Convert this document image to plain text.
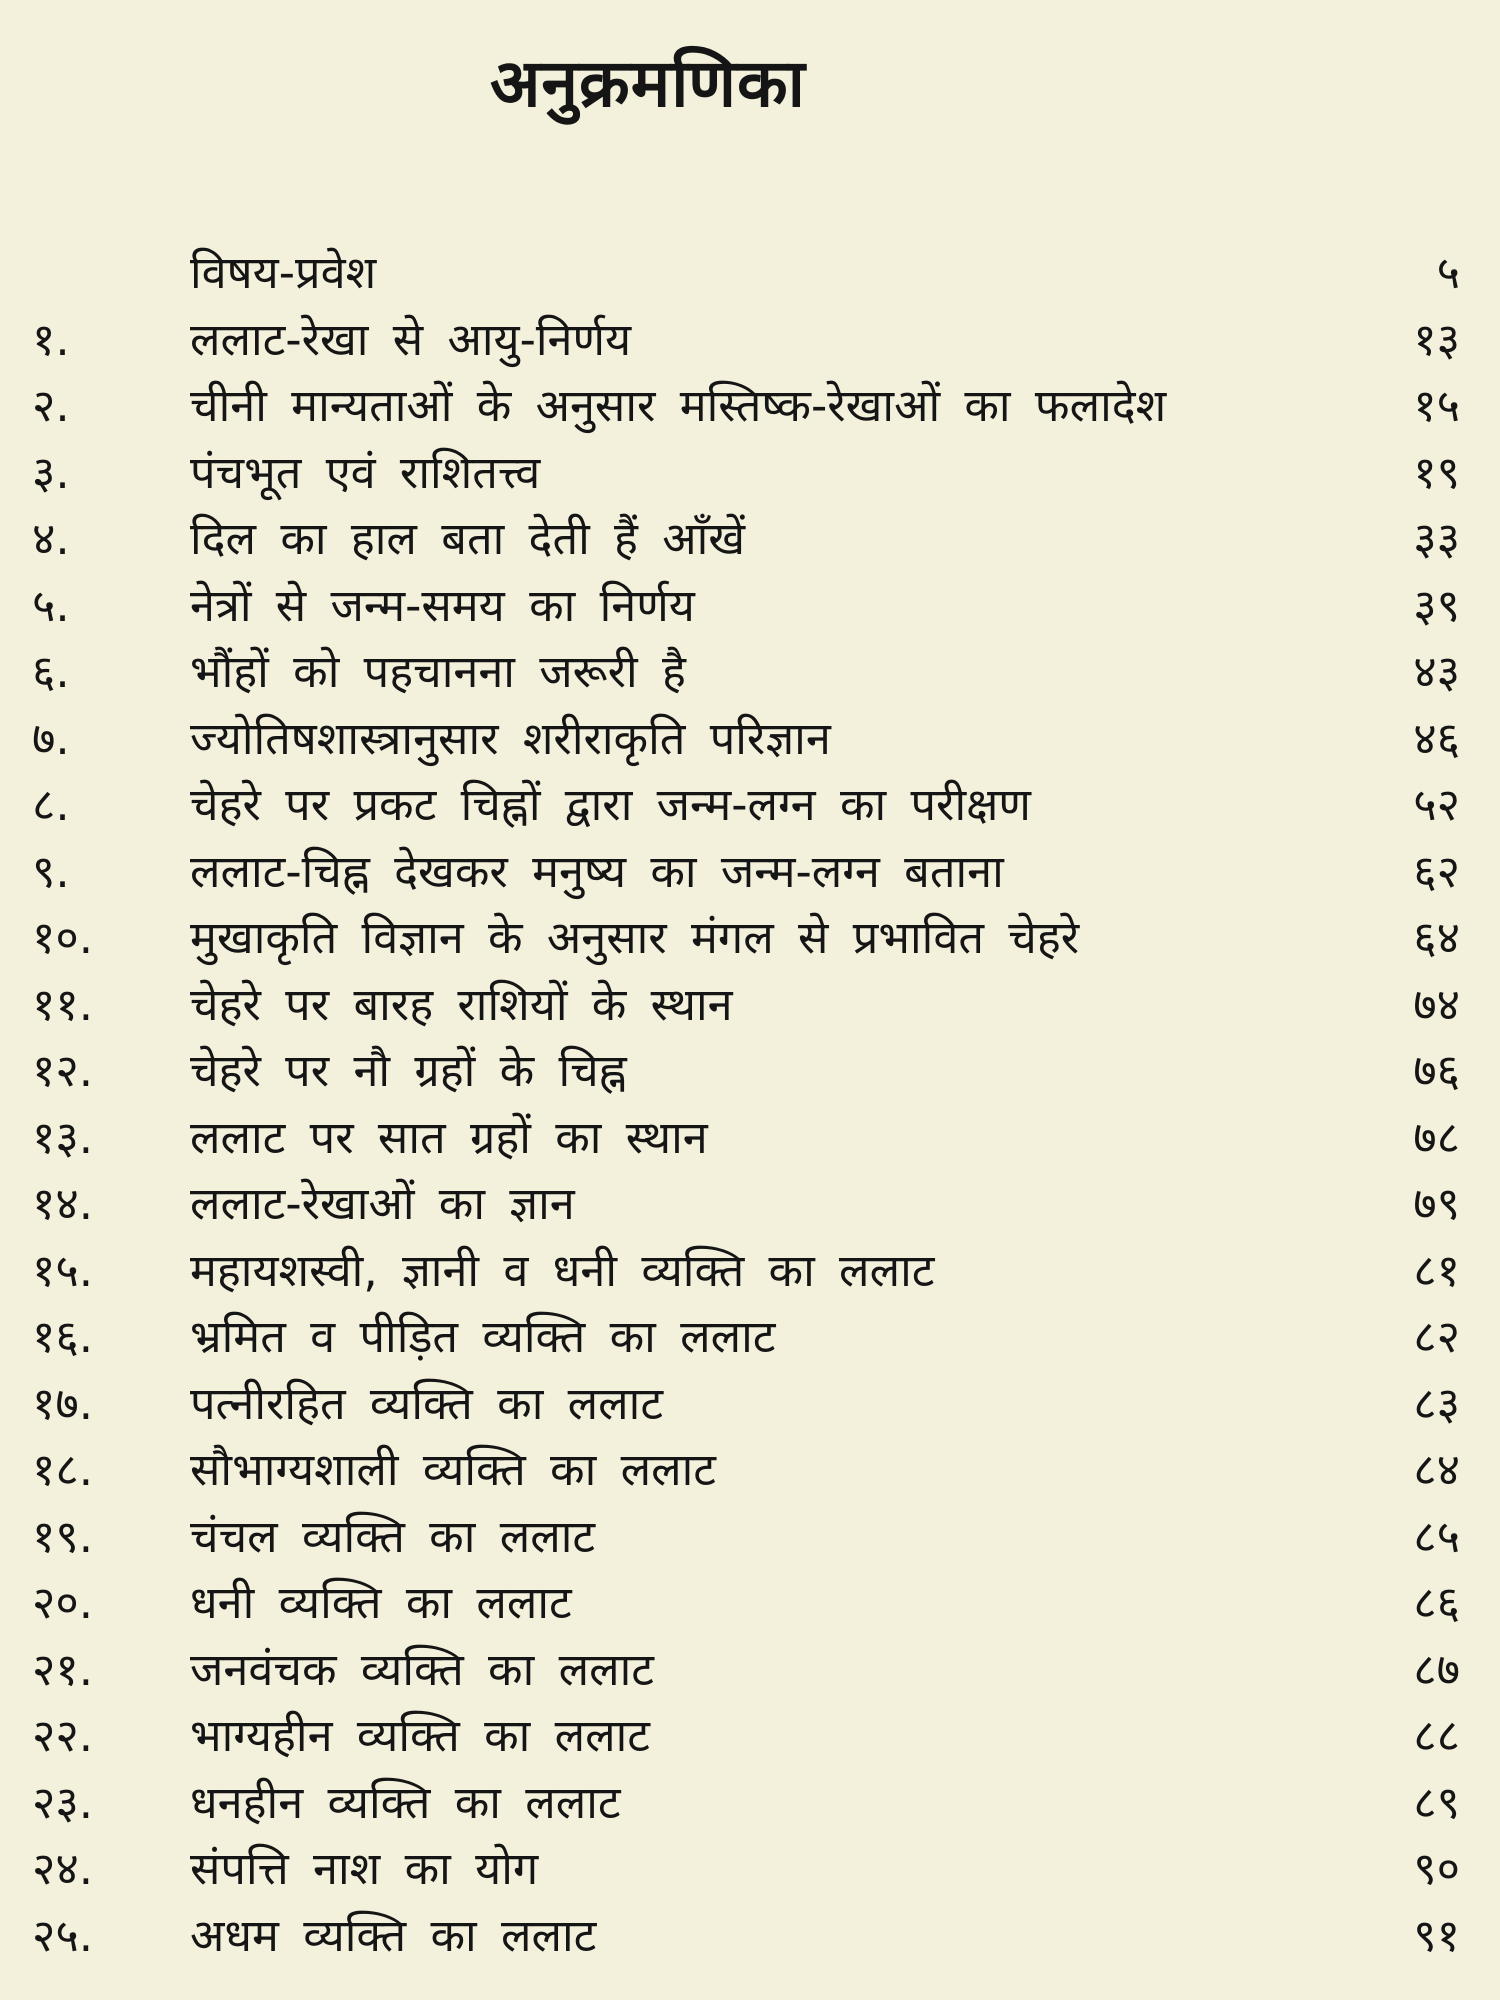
अनुक्रमणिका
विषय-प्रवेश	५
१.	ललाट-रेखा से आयु-निर्णय	१३
२.	चीनी मान्यताओं के अनुसार मस्तिष्क-रेखाओं का फलादेश	१५
३.	पंचभूत एवं राशितत्त्व	१९
४.	दिल का हाल बता देती हैं आँखें	३३
५.	नेत्रों से जन्म-समय का निर्णय	३९
६.	भौंहों को पहचानना जरूरी है	४३
७.	ज्योतिषशास्त्रानुसार शरीराकृति परिज्ञान	४६
८.	चेहरे पर प्रकट चिह्नों द्वारा जन्म-लग्न का परीक्षण	५२
९.	ललाट-चिह्न देखकर मनुष्य का जन्म-लग्न बताना	६२
१०.	मुखाकृति विज्ञान के अनुसार मंगल से प्रभावित चेहरे	६४
११.	चेहरे पर बारह राशियों के स्थान	७४
१२.	चेहरे पर नौ ग्रहों के चिह्न	७६
१३.	ललाट पर सात ग्रहों का स्थान	७८
१४.	ललाट-रेखाओं का ज्ञान	७९
१५.	महायशस्वी, ज्ञानी व धनी व्यक्ति का ललाट	८१
१६.	भ्रमित व पीड़ित व्यक्ति का ललाट	८२
१७.	पत्नीरहित व्यक्ति का ललाट	८३
१८.	सौभाग्यशाली व्यक्ति का ललाट	८४
१९.	चंचल व्यक्ति का ललाट	८५
२०.	धनी व्यक्ति का ललाट	८६
२१.	जनवंचक व्यक्ति का ललाट	८७
२२.	भाग्यहीन व्यक्ति का ललाट	८८
२३.	धनहीन व्यक्ति का ललाट	८९
२४.	संपत्ति नाश का योग	९०
२५.	अधम व्यक्ति का ललाट	९१
